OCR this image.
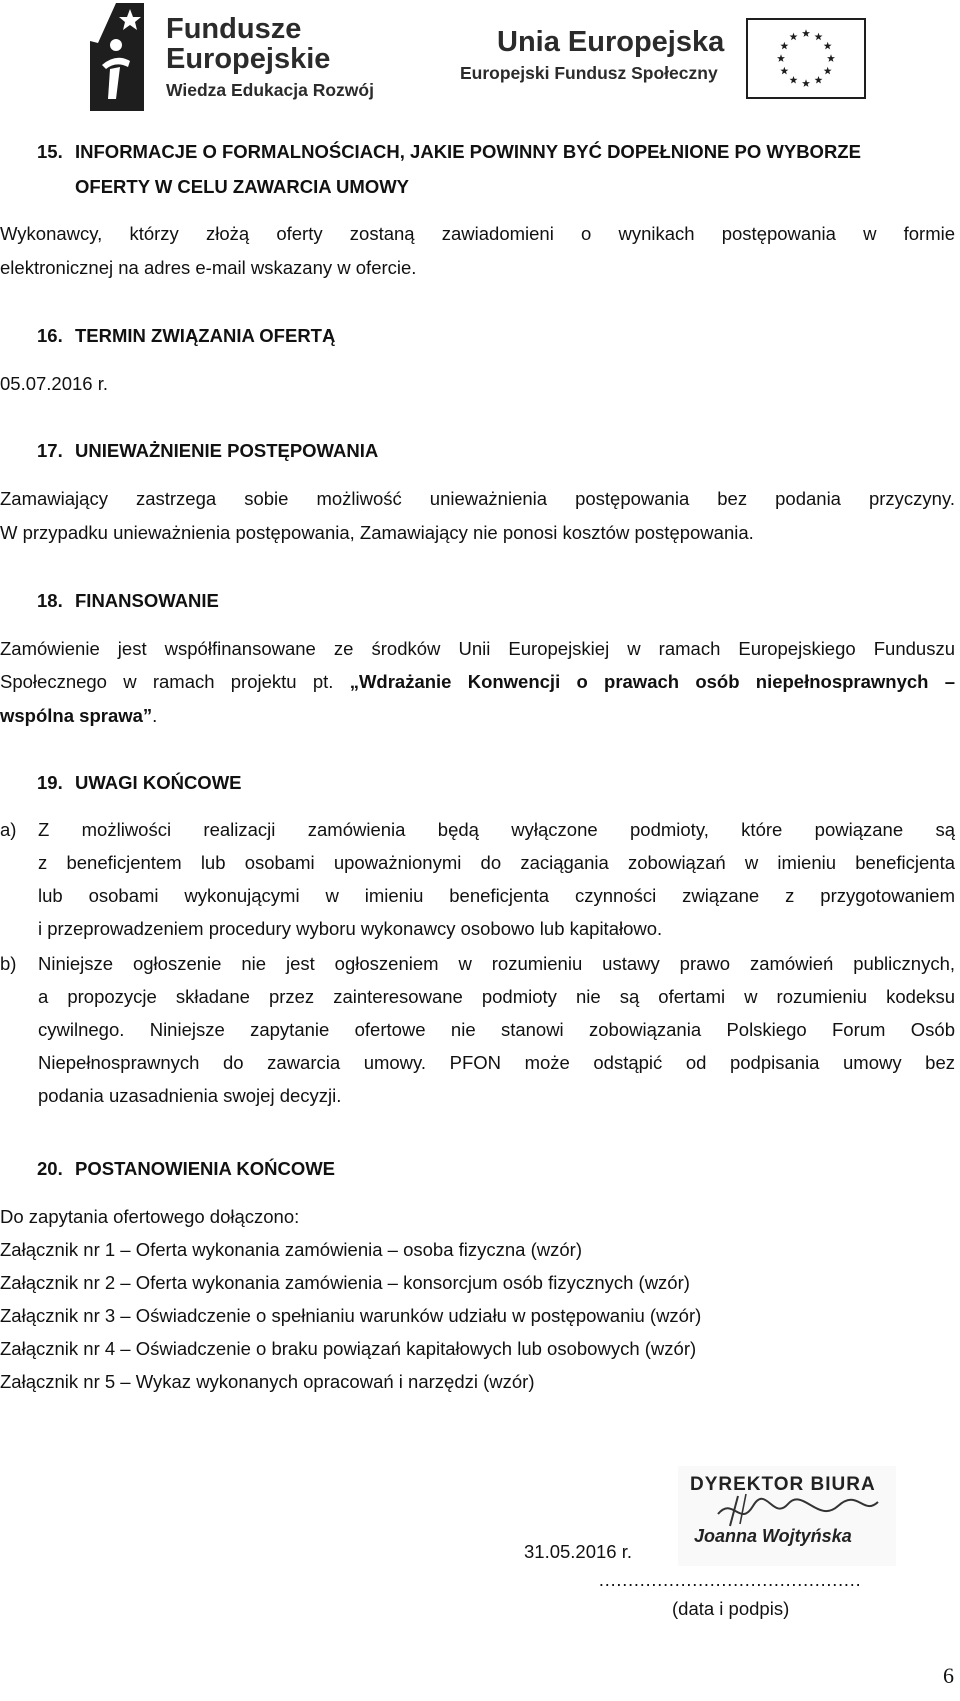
Fundusze
Europejskie
Wiedza Edukacja Rozwój
Unia Europejska
Europejski Fundusz Społeczny
15. INFORMACJE O FORMALNOŚCIACH, JAKIE POWINNY BYĆ DOPEŁNIONE PO WYBORZE
OFERTY W CELU ZAWARCIA UMOWY
Wykonawcy, którzy złożą oferty zostaną zawiadomieni o wynikach postępowania w formie
elektronicznej na adres e-mail wskazany w ofercie.
16. TERMIN ZWIĄZANIA OFERTĄ
05.07.2016 r.
17. UNIEWAŻNIENIE POSTĘPOWANIA
Zamawiający zastrzega sobie możliwość unieważnienia postępowania bez podania przyczyny.
W przypadku unieważnienia postępowania, Zamawiający nie ponosi kosztów postępowania.
18. FINANSOWANIE
Zamówienie jest współfinansowane ze środków Unii Europejskiej w ramach Europejskiego Funduszu
Społecznego w ramach projektu pt. „Wdrażanie Konwencji o prawach osób niepełnosprawnych –
wspólna sprawa”.
19. UWAGI KOŃCOWE
a)	Z możliwości realizacji zamówienia będą wyłączone podmioty, które powiązane są
z beneficjentem lub osobami upoważnionymi do zaciągania zobowiązań w imieniu beneficjenta
lub osobami wykonującymi w imieniu beneficjenta czynności związane z przygotowaniem
i przeprowadzeniem procedury wyboru wykonawcy osobowo lub kapitałowo.
b)	Niniejsze ogłoszenie nie jest ogłoszeniem w rozumieniu ustawy prawo zamówień publicznych,
a propozycje składane przez zainteresowane podmioty nie są ofertami w rozumieniu kodeksu
cywilnego. Niniejsze zapytanie ofertowe nie stanowi zobowiązania Polskiego Forum Osób
Niepełnosprawnych do zawarcia umowy. PFON może odstąpić od podpisania umowy bez
podania uzasadnienia swojej decyzji.
20. POSTANOWIENIA KOŃCOWE
Do zapytania ofertowego dołączono:
Załącznik nr 1 – Oferta wykonania zamówienia – osoba fizyczna (wzór)
Załącznik nr 2 – Oferta wykonania zamówienia – konsorcjum osób fizycznych (wzór)
Załącznik nr 3 – Oświadczenie o spełnianiu warunków udziału w postępowaniu (wzór)
Załącznik nr 4 – Oświadczenie o braku powiązań kapitałowych lub osobowych (wzór)
Załącznik nr 5 – Wykaz wykonanych opracowań i narzędzi (wzór)
DYREKTOR BIURA
Joanna Wojtyńska
31.05.2016 r.
………………………………………
(data i podpis)
6
